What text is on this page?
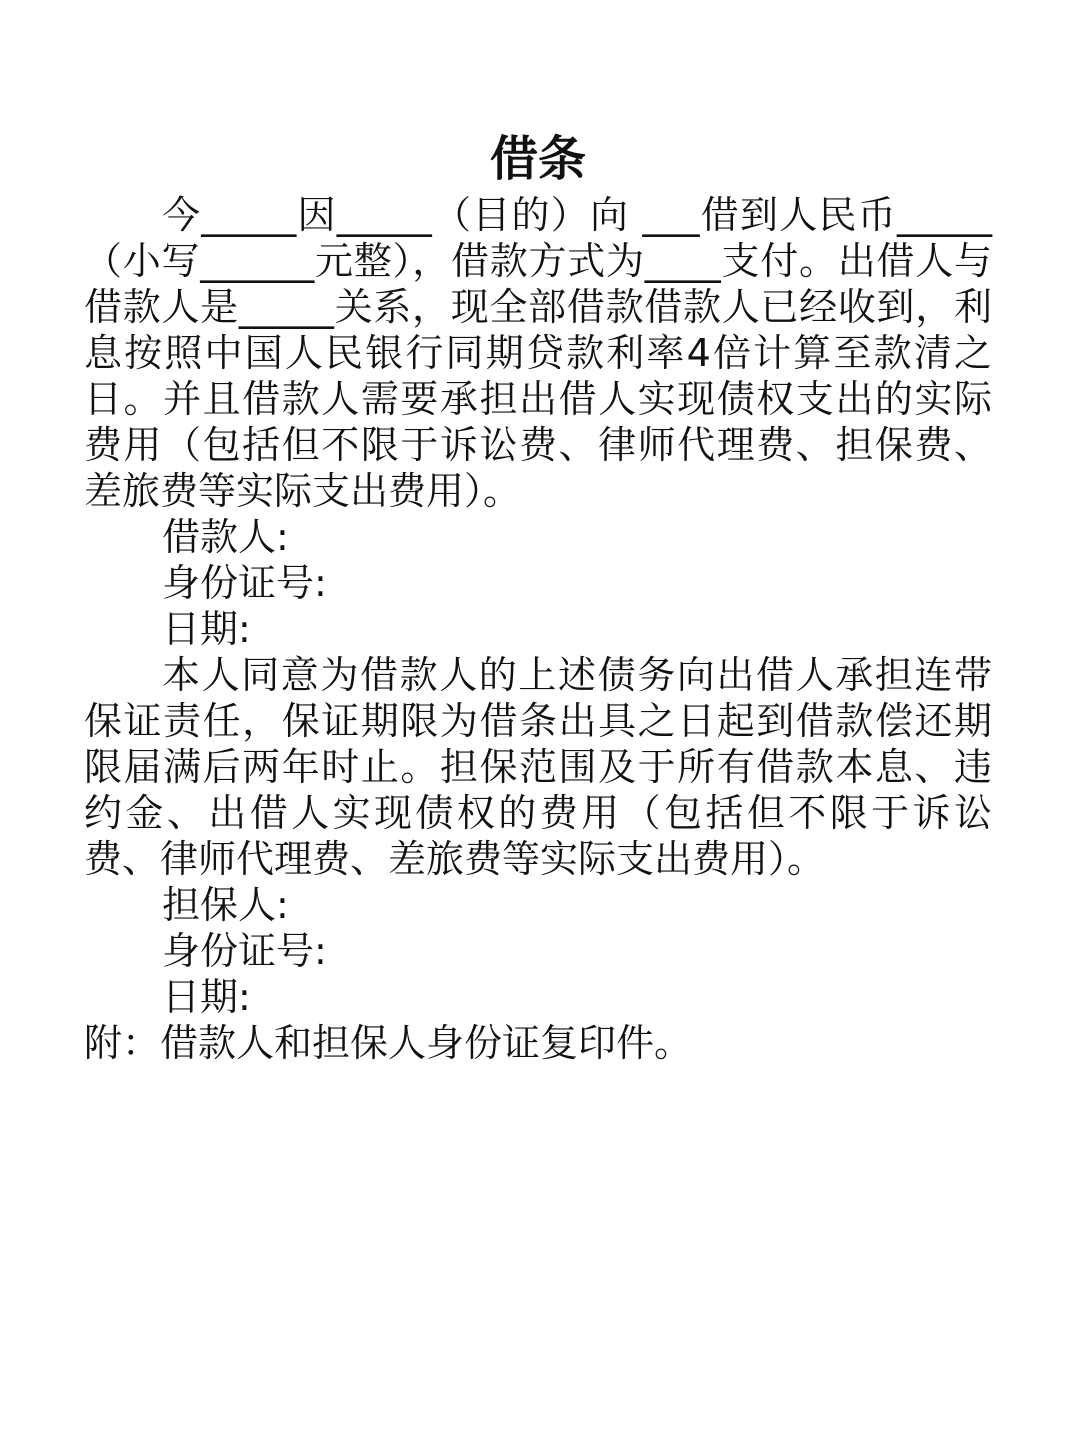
借条

今_____因_____（目的）向 ___借到人民币_____（小写______元整），借款方式为____支付。出借人与借款人是_____关系，现全部借款借款人已经收到，利息按照中国人民银行同期贷款利率4倍计算至款清之日。并且借款人需要承担出借人实现债权支出的实际费用（包括但不限于诉讼费、律师代理费、担保费、差旅费等实际支出费用）。

借款人:

身份证号:

日期:

本人同意为借款人的上述债务向出借人承担连带保证责任，保证期限为借条出具之日起到借款偿还期限届满后两年时止。担保范围及于所有借款本息、违约金、出借人实现债权的费用（包括但不限于诉讼费、律师代理费、差旅费等实际支出费用）。

担保人:

身份证号:

日期:

附：借款人和担保人身份证复印件。
